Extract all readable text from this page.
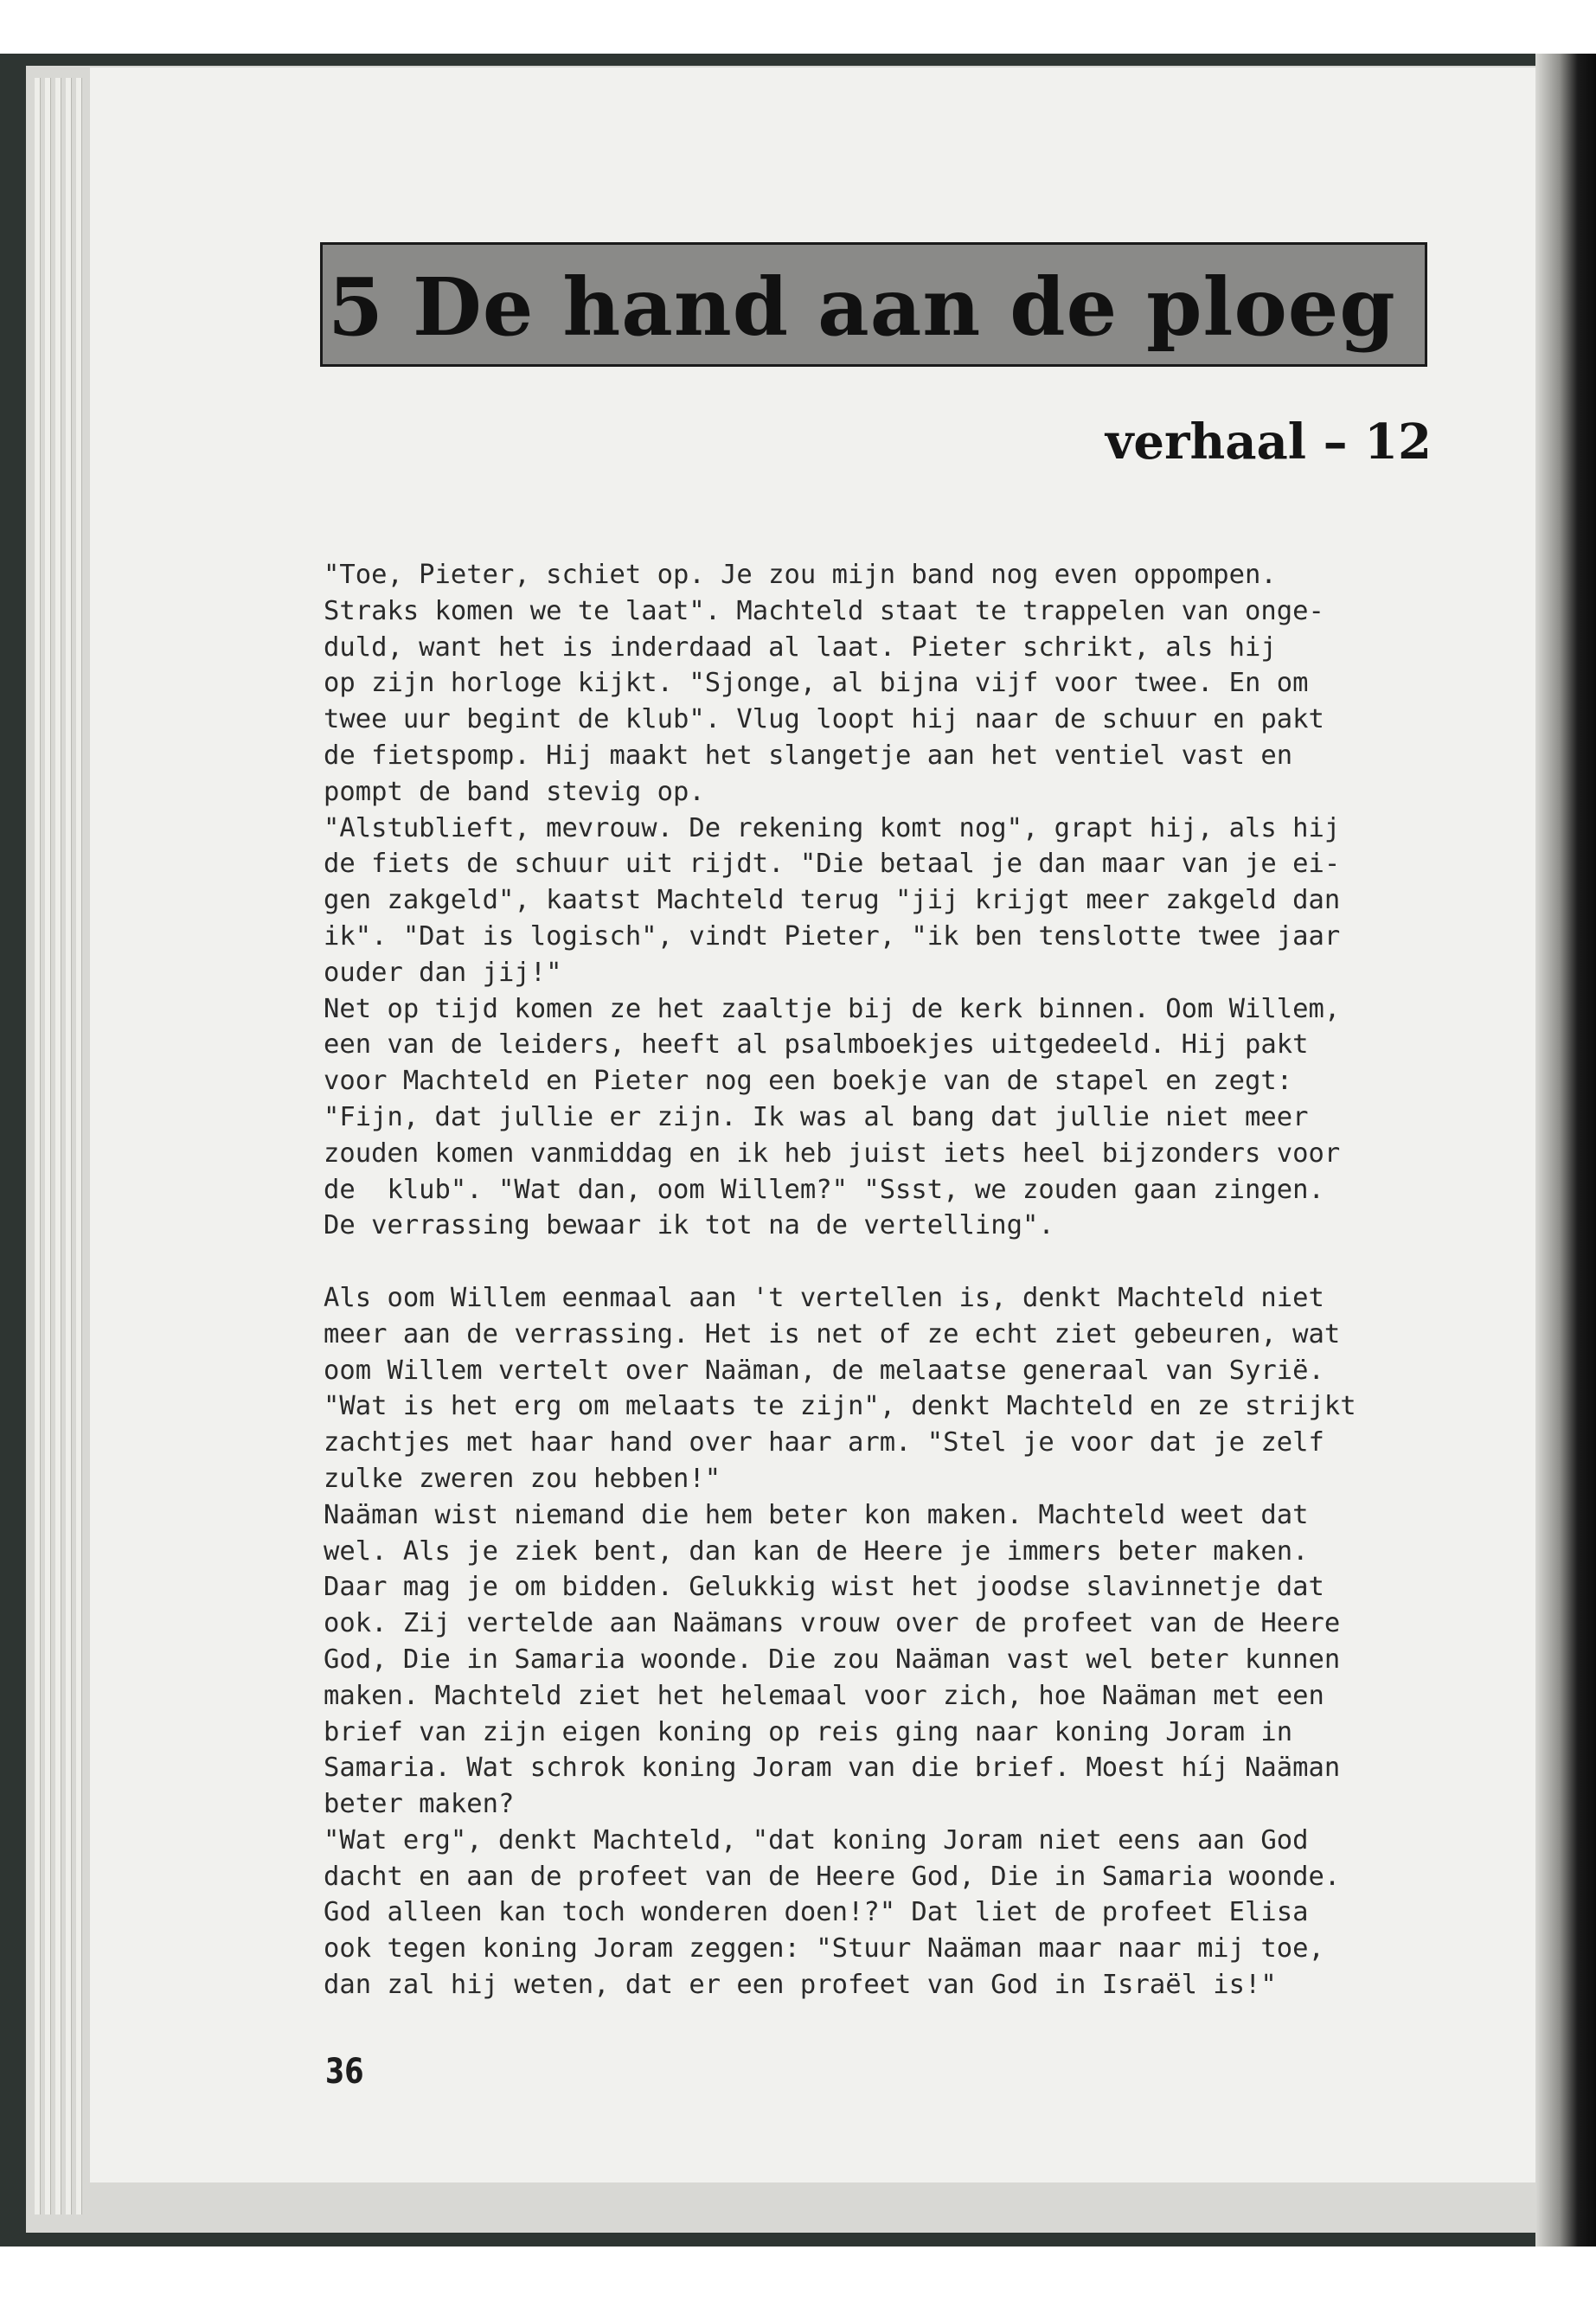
5 De hand aan de ploeg
verhaal – 12
"Toe, Pieter, schiet op. Je zou mijn band nog even oppompen.
Straks komen we te laat". Machteld staat te trappelen van onge-
duld, want het is inderdaad al laat. Pieter schrikt, als hij
op zijn horloge kijkt. "Sjonge, al bijna vijf voor twee. En om
twee uur begint de klub". Vlug loopt hij naar de schuur en pakt
de fietspomp. Hij maakt het slangetje aan het ventiel vast en
pompt de band stevig op.
"Alstublieft, mevrouw. De rekening komt nog", grapt hij, als hij
de fiets de schuur uit rijdt. "Die betaal je dan maar van je ei-
gen zakgeld", kaatst Machteld terug "jij krijgt meer zakgeld dan
ik". "Dat is logisch", vindt Pieter, "ik ben tenslotte twee jaar
ouder dan jij!"
Net op tijd komen ze het zaaltje bij de kerk binnen. Oom Willem,
een van de leiders, heeft al psalmboekjes uitgedeeld. Hij pakt
voor Machteld en Pieter nog een boekje van de stapel en zegt:
"Fijn, dat jullie er zijn. Ik was al bang dat jullie niet meer
zouden komen vanmiddag en ik heb juist iets heel bijzonders voor
de  klub". "Wat dan, oom Willem?" "Ssst, we zouden gaan zingen.
De verrassing bewaar ik tot na de vertelling".
Als oom Willem eenmaal aan 't vertellen is, denkt Machteld niet
meer aan de verrassing. Het is net of ze echt ziet gebeuren, wat
oom Willem vertelt over Naäman, de melaatse generaal van Syrië.
"Wat is het erg om melaats te zijn", denkt Machteld en ze strijkt
zachtjes met haar hand over haar arm. "Stel je voor dat je zelf
zulke zweren zou hebben!"
Naäman wist niemand die hem beter kon maken. Machteld weet dat
wel. Als je ziek bent, dan kan de Heere je immers beter maken.
Daar mag je om bidden. Gelukkig wist het joodse slavinnetje dat
ook. Zij vertelde aan Naämans vrouw over de profeet van de Heere
God, Die in Samaria woonde. Die zou Naäman vast wel beter kunnen
maken. Machteld ziet het helemaal voor zich, hoe Naäman met een
brief van zijn eigen koning op reis ging naar koning Joram in
Samaria. Wat schrok koning Joram van die brief. Moest híj Naäman
beter maken?
"Wat erg", denkt Machteld, "dat koning Joram niet eens aan God
dacht en aan de profeet van de Heere God, Die in Samaria woonde.
God alleen kan toch wonderen doen!?" Dat liet de profeet Elisa
ook tegen koning Joram zeggen: "Stuur Naäman maar naar mij toe,
dan zal hij weten, dat er een profeet van God in Israël is!"
36
